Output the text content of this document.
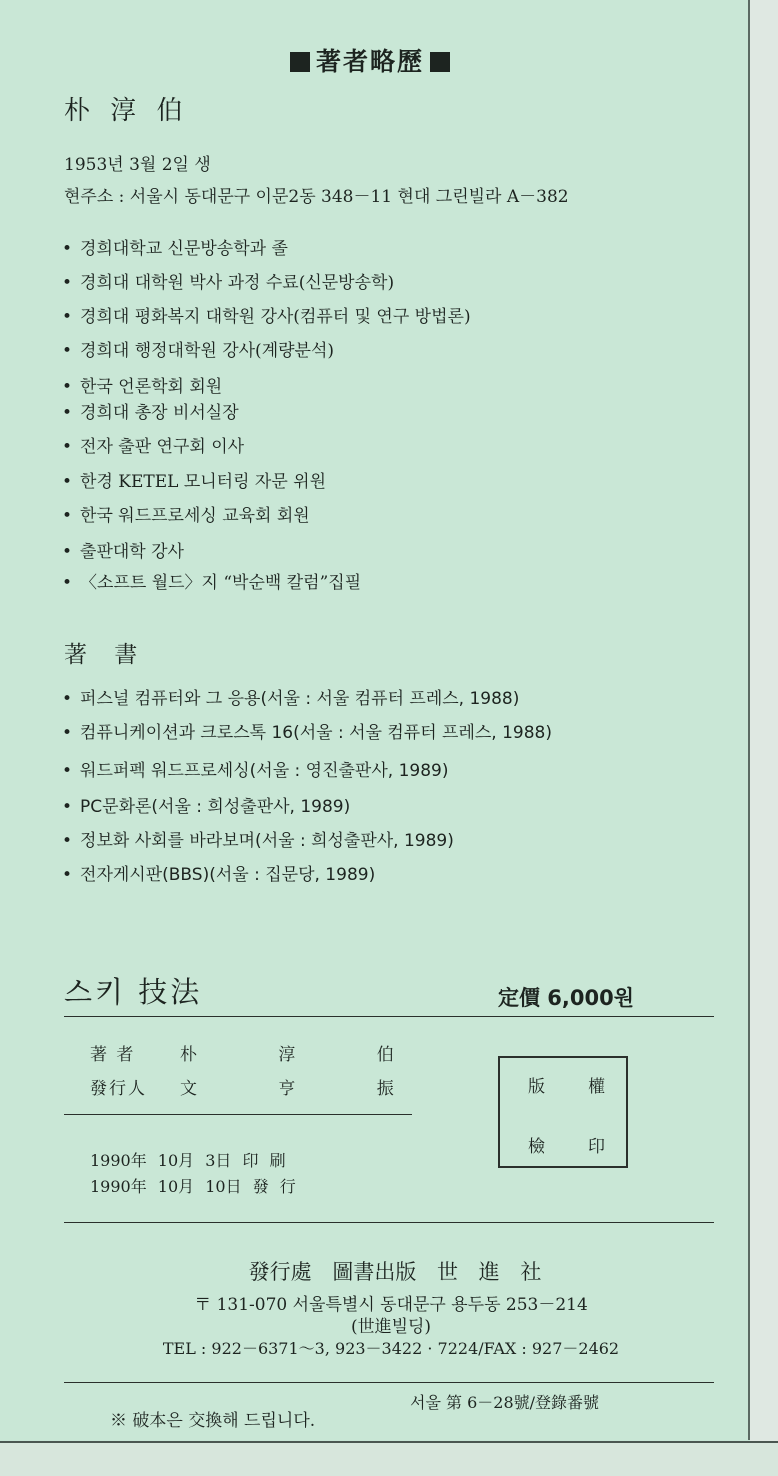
著者略歷
朴 淳 伯
1953년 3월 2일 생
현주소 : 서울시 동대문구 이문2동 348－11 현대 그린빌라 A－382
• 경희대학교 신문방송학과 졸
• 경희대 대학원 박사 과정 수료(신문방송학)
• 경희대 평화복지 대학원 강사(컴퓨터 및 연구 방법론)
• 경희대 행정대학원 강사(계량분석)
• 한국 언론학회 회원
• 경희대 총장 비서실장
• 전자 출판 연구회 이사
• 한경 KETEL 모니터링 자문 위원
• 한국 워드프로세싱 교육회 회원
• 출판대학 강사
• 〈소프트 월드〉지 “박순백 칼럼”집필
著 書
• 퍼스널 컴퓨터와 그 응용(서울 : 서울 컴퓨터 프레스, 1988)
• 컴퓨니케이션과 크로스톡 16(서울 : 서울 컴퓨터 프레스, 1988)
• 워드퍼펙 워드프로세싱(서울 : 영진출판사, 1989)
• PC문화론(서울 : 희성출판사, 1989)
• 정보화 사회를 바라보며(서울 : 희성출판사, 1989)
• 전자게시판(BBS)(서울 : 집문당, 1989)
스키 技法	定價 6,000원
著 者	朴 淳 伯
發行人 文 亨 振
1990年 10月 3日 印 刷
1990年 10月 10日 發 行
版	權
檢	印
發行處 圖書出版 世 進 社
〒 131-070 서울특별시 동대문구 용두동 253－214
(世進빌딩)
TEL : 922－6371～3, 923－3422 · 7224/FAX : 927－2462
※ 破本은 交換해 드립니다.
서울 第 6－28號/登錄番號
